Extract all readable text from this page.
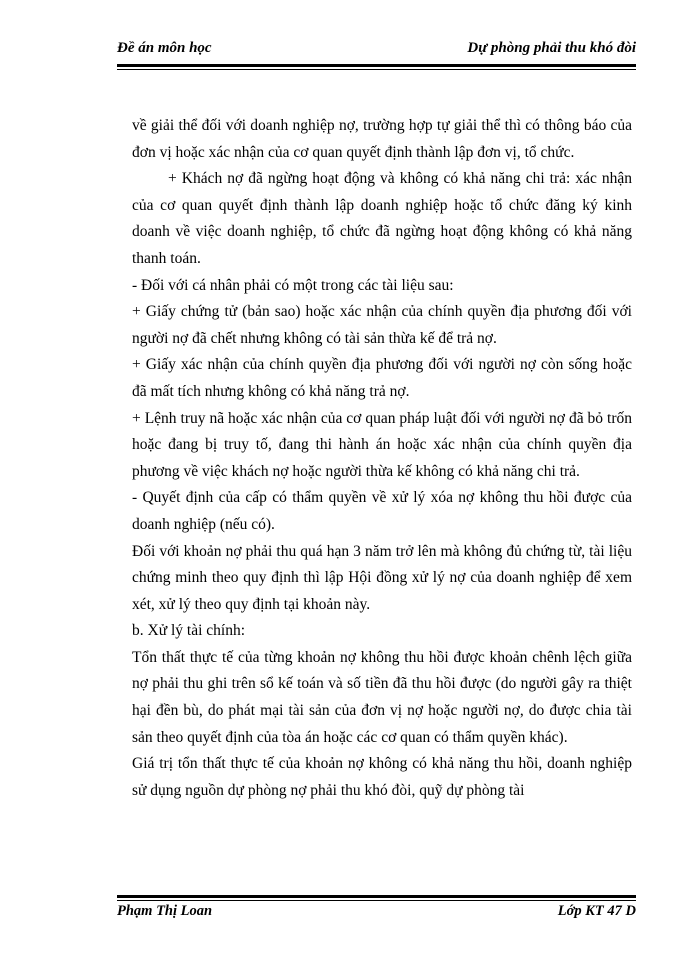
Đề án môn học	Dự phòng phải thu khó đòi

về giải thể đối với doanh nghiệp nợ, trường hợp tự giải thể thì có thông báo của đơn vị hoặc xác nhận của cơ quan quyết định thành lập đơn vị, tổ chức.

+ Khách nợ đã ngừng hoạt động và không có khả năng chi trả: xác nhận của cơ quan quyết định thành lập doanh nghiệp hoặc tổ chức đăng ký kinh doanh về việc doanh nghiệp, tổ chức đã ngừng hoạt động không có khả năng thanh toán.

- Đối với cá nhân phải có một trong các tài liệu sau:

+ Giấy chứng tử (bản sao) hoặc xác nhận của chính quyền địa phương đối với người nợ đã chết nhưng không có tài sản thừa kế để trả nợ.

+ Giấy xác nhận của chính quyền địa phương đối với người nợ còn sống hoặc đã mất tích nhưng không có khả năng trả nợ.

+ Lệnh truy nã hoặc xác nhận của cơ quan pháp luật đối với người nợ đã bỏ trốn hoặc đang bị truy tố, đang thi hành án hoặc xác nhận của chính quyền địa phương về việc khách nợ hoặc người thừa kế không có khả năng chi trả.

- Quyết định của cấp có thẩm quyền về xử lý xóa nợ không thu hồi được của doanh nghiệp (nếu có).

Đối với khoản nợ phải thu quá hạn 3 năm trở lên mà không đủ chứng từ, tài liệu chứng minh theo quy định thì lập Hội đồng xử lý nợ của doanh nghiệp để xem xét, xử lý theo quy định tại khoản này.

b. Xử lý tài chính:

Tổn thất thực tế của từng khoản nợ không thu hồi được khoản chênh lệch giữa nợ phải thu ghi trên sổ kế toán và số tiền đã thu hồi được (do người gây ra thiệt hại đền bù, do phát mại tài sản của đơn vị nợ hoặc người nợ, do được chia tài sản theo quyết định của tòa án hoặc các cơ quan có thẩm quyền khác).

Giá trị tổn thất thực tế của khoản nợ không có khả năng thu hồi, doanh nghiệp sử dụng nguồn dự phòng nợ phải thu khó đòi, quỹ dự phòng tài

Phạm Thị Loan	Lớp KT 47 D
